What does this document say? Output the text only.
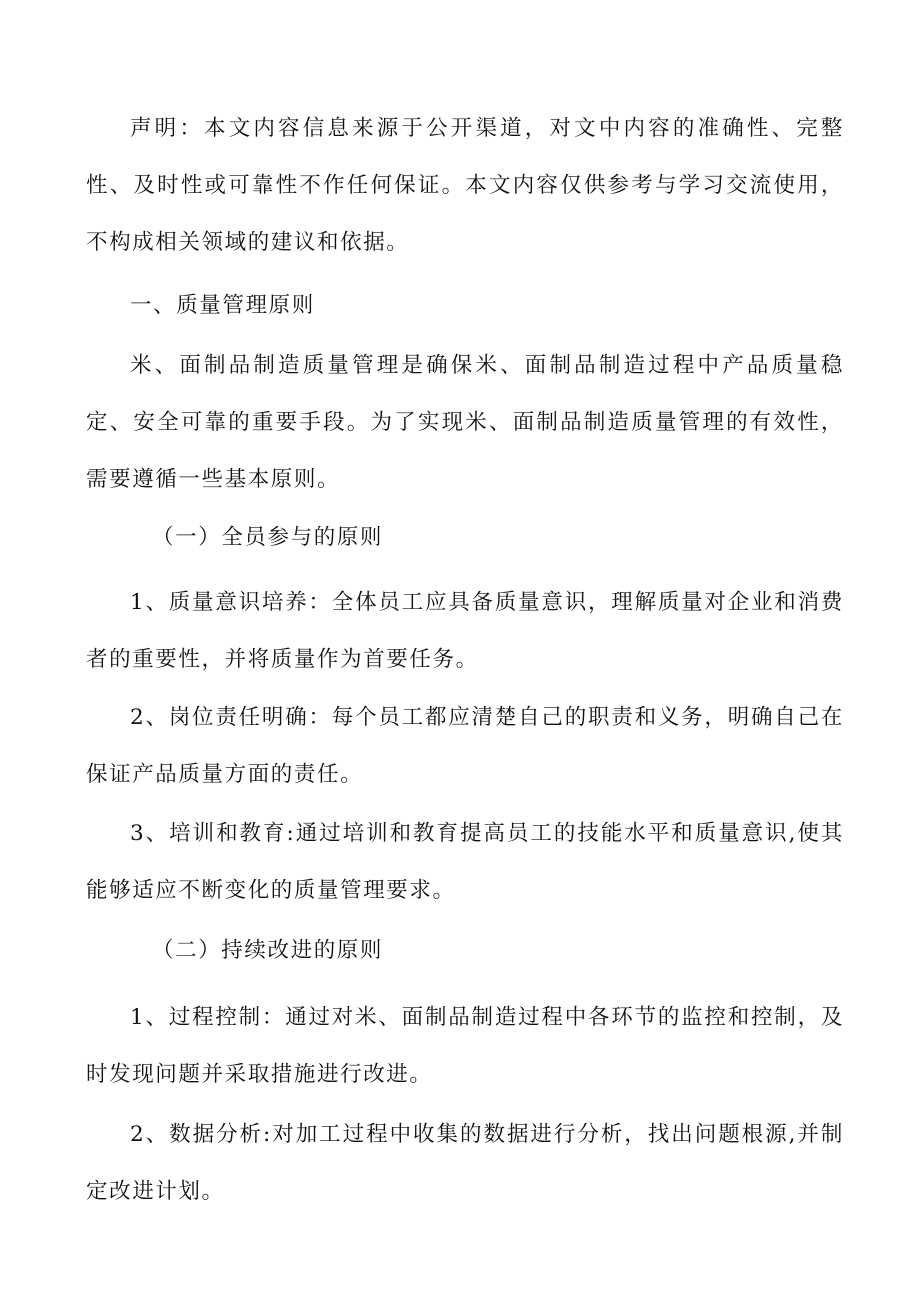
声明：本文内容信息来源于公开渠道，对文中内容的准确性、完整性、及时性或可靠性不作任何保证。本文内容仅供参考与学习交流使用，不构成相关领域的建议和依据。

一、质量管理原则

米、面制品制造质量管理是确保米、面制品制造过程中产品质量稳定、安全可靠的重要手段。为了实现米、面制品制造质量管理的有效性，需要遵循一些基本原则。

（一）全员参与的原则

1、质量意识培养：全体员工应具备质量意识，理解质量对企业和消费者的重要性，并将质量作为首要任务。

2、岗位责任明确：每个员工都应清楚自己的职责和义务，明确自己在保证产品质量方面的责任。

3、培训和教育:通过培训和教育提高员工的技能水平和质量意识,使其能够适应不断变化的质量管理要求。

（二）持续改进的原则

1、过程控制：通过对米、面制品制造过程中各环节的监控和控制，及时发现问题并采取措施进行改进。

2、数据分析:对加工过程中收集的数据进行分析，找出问题根源,并制定改进计划。
